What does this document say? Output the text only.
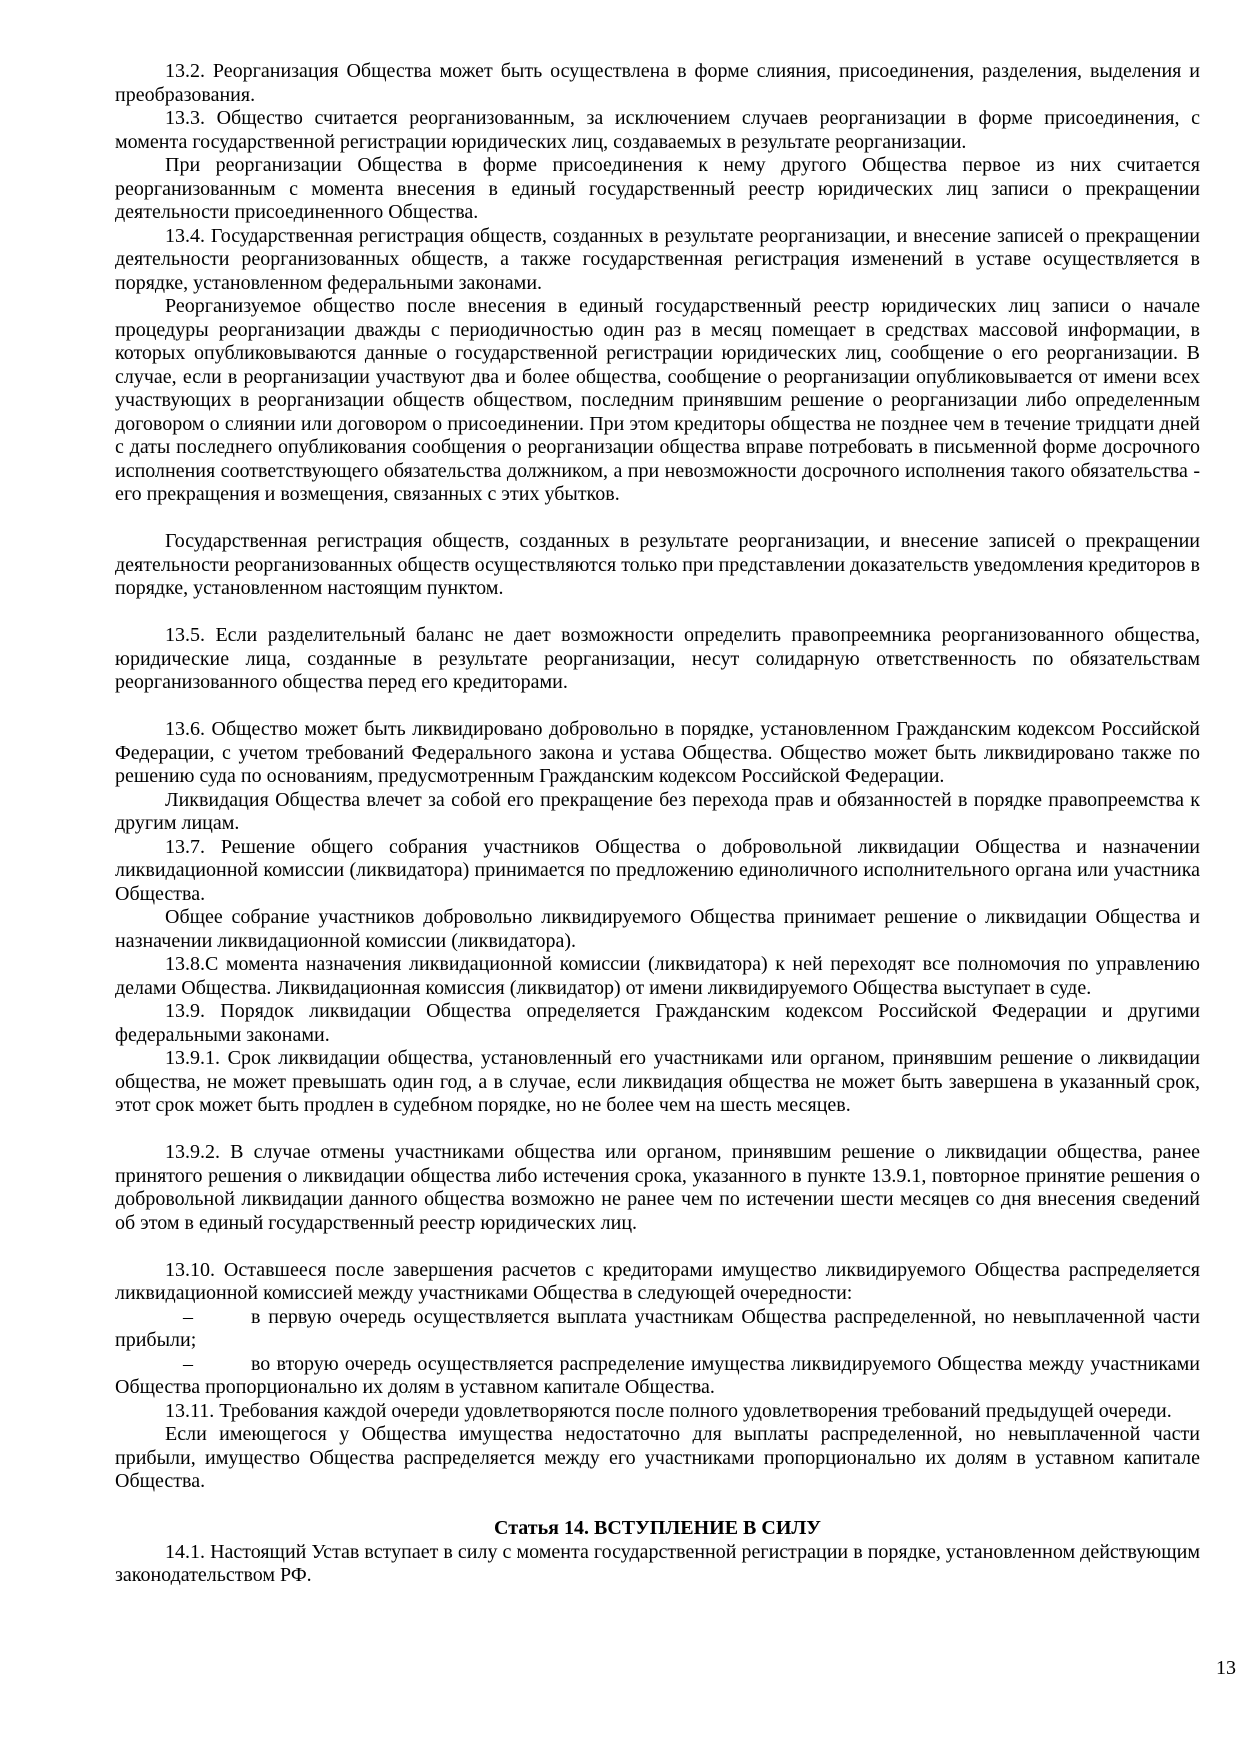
13.2. Реорганизация Общества может быть осуществлена в форме слияния, присоединения, разделения, выделения и преобразования.

13.3. Общество считается реорганизованным, за исключением случаев реорганизации в форме присоединения, с момента государственной регистрации юридических лиц, создаваемых в результате реорганизации.

При реорганизации Общества в форме присоединения к нему другого Общества первое из них считается реорганизованным с момента внесения в единый государственный реестр юридических лиц записи о прекращении деятельности присоединенного Общества.

13.4. Государственная регистрация обществ, созданных в результате реорганизации, и внесение записей о прекращении деятельности реорганизованных обществ, а также государственная регистрация изменений в уставе осуществляется в порядке, установленном федеральными законами.

Реорганизуемое общество после внесения в единый государственный реестр юридических лиц записи о начале процедуры реорганизации дважды с периодичностью один раз в месяц помещает в средствах массовой информации, в которых опубликовываются данные о государственной регистрации юридических лиц, сообщение о его реорганизации. В случае, если в реорганизации участвуют два и более общества, сообщение о реорганизации опубликовывается от имени всех участвующих в реорганизации обществ обществом, последним принявшим решение о реорганизации либо определенным договором о слиянии или договором о присоединении. При этом кредиторы общества не позднее чем в течение тридцати дней с даты последнего опубликования сообщения о реорганизации общества вправе потребовать в письменной форме досрочного исполнения соответствующего обязательства должником, а при невозможности досрочного исполнения такого обязательства - его прекращения и возмещения, связанных с этих убытков.

Государственная регистрация обществ, созданных в результате реорганизации, и внесение записей о прекращении деятельности реорганизованных обществ осуществляются только при представлении доказательств уведомления кредиторов в порядке, установленном настоящим пунктом.

13.5. Если разделительный баланс не дает возможности определить правопреемника реорганизованного общества, юридические лица, созданные в результате реорганизации, несут солидарную ответственность по обязательствам реорганизованного общества перед его кредиторами.

13.6. Общество может быть ликвидировано добровольно в порядке, установленном Гражданским кодексом Российской Федерации, с учетом требований Федерального закона и устава Общества. Общество может быть ликвидировано также по решению суда по основаниям, предусмотренным Гражданским кодексом Российской Федерации.

Ликвидация Общества влечет за собой его прекращение без перехода прав и обязанностей в порядке правопреемства к другим лицам.

13.7. Решение общего собрания участников Общества о добровольной ликвидации Общества и назначении ликвидационной комиссии (ликвидатора) принимается по предложению единоличного исполнительного органа или участника Общества.

Общее собрание участников добровольно ликвидируемого Общества принимает решение о ликвидации Общества и назначении ликвидационной комиссии (ликвидатора).

13.8.С момента назначения ликвидационной комиссии (ликвидатора) к ней переходят все полномочия по управлению делами Общества. Ликвидационная комиссия (ликвидатор) от имени ликвидируемого Общества выступает в суде.

13.9. Порядок ликвидации Общества определяется Гражданским кодексом Российской Федерации и другими федеральными законами.

13.9.1. Срок ликвидации общества, установленный его участниками или органом, принявшим решение о ликвидации общества, не может превышать один год, а в случае, если ликвидация общества не может быть завершена в указанный срок, этот срок может быть продлен в судебном порядке, но не более чем на шесть месяцев.

13.9.2. В случае отмены участниками общества или органом, принявшим решение о ликвидации общества, ранее принятого решения о ликвидации общества либо истечения срока, указанного в пункте 13.9.1, повторное принятие решения о добровольной ликвидации данного общества возможно не ранее чем по истечении шести месяцев со дня внесения сведений об этом в единый государственный реестр юридических лиц.

13.10. Оставшееся после завершения расчетов с кредиторами имущество ликвидируемого Общества распределяется ликвидационной комиссией между участниками Общества в следующей очередности:

–	в первую очередь осуществляется выплата участникам Общества распределенной, но невыплаченной части прибыли;

–	во вторую очередь осуществляется распределение имущества ликвидируемого Общества между участниками Общества пропорционально их долям в уставном капитале Общества.

13.11. Требования каждой очереди удовлетворяются после полного удовлетворения требований предыдущей очереди.

Если имеющегося у Общества имущества недостаточно для выплаты распределенной, но невыплаченной части прибыли, имущество Общества распределяется между его участниками пропорционально их долям в уставном капитале Общества.

Статья 14. ВСТУПЛЕНИЕ В СИЛУ

14.1. Настоящий Устав вступает в силу с момента государственной регистрации в порядке, установленном действующим законодательством РФ.

13
